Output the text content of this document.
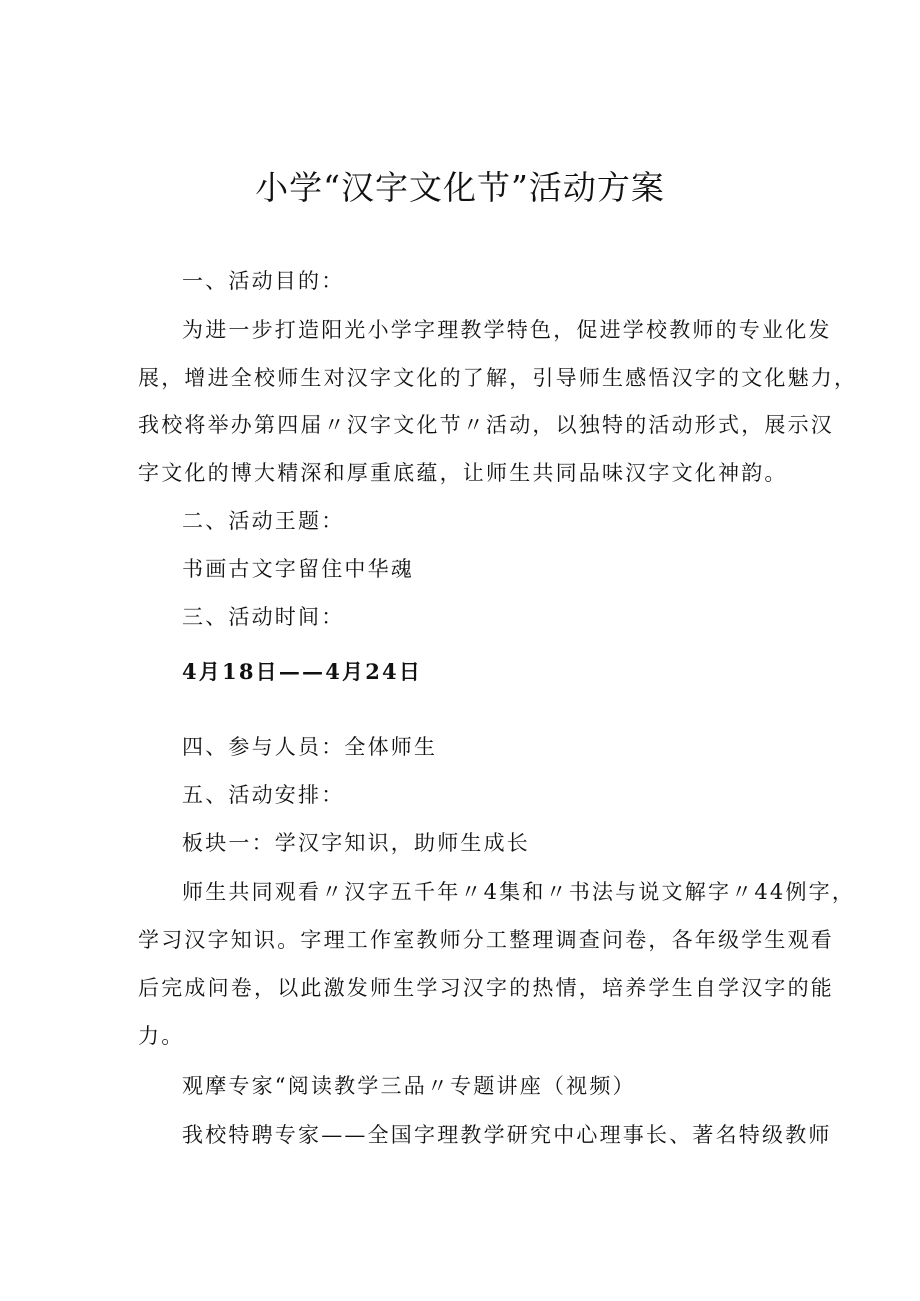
小学“汉字文化节”活动方案
一、活动目的：
为进一步打造阳光小学字理教学特色，促进学校教师的专业化发
展，增进全校师生对汉字文化的了解，引导师生感悟汉字的文化魅力，
我校将举办第四届〃汉字文化节〃活动，以独特的活动形式，展示汉
字文化的博大精深和厚重底蕴，让师生共同品味汉字文化神韵。
二、活动王题：
书画古文字留住中华魂
三、活动时间：
4月18日——4月24日
四、参与人员：全体师生
五、活动安排：
板块一：学汉字知识，助师生成长
师生共同观看〃汉字五千年〃4集和〃书法与说文解字〃44例字，
学习汉字知识。字理工作室教师分工整理调查问卷，各年级学生观看
后完成问卷，以此激发师生学习汉字的热情，培养学生自学汉字的能
力。
观摩专家“阅读教学三品〃专题讲座（视频）
我校特聘专家——全国字理教学研究中心理事长、著名特级教师
